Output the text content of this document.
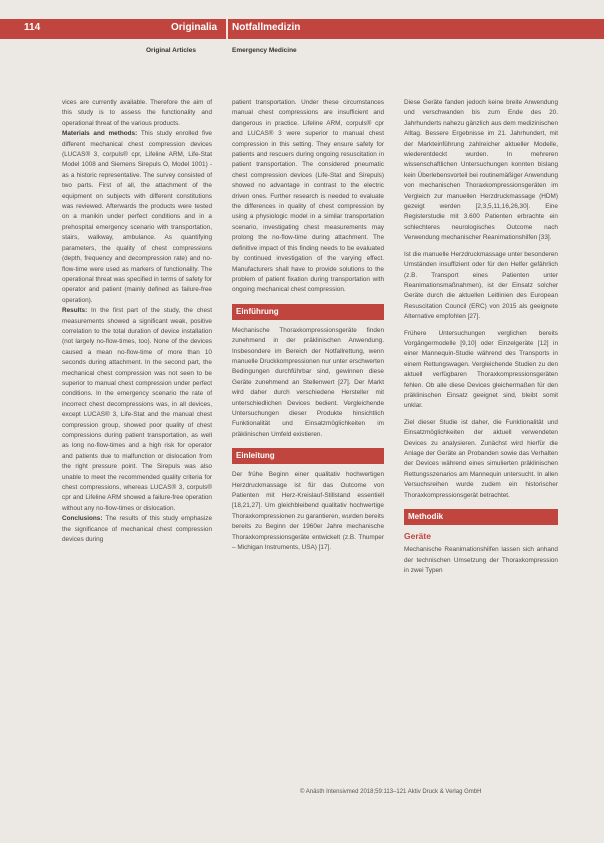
114	Originalia Notfallmedizin
Original Articles	Emergency Medicine

vices are currently available. Therefore the aim of this study is to assess the functionality and operational threat of the various products.

Materials and methods: This study enrolled five different mechanical chest compression devices (LUCAS® 3, corpuls® cpr, Lifeline ARM, Life-Stat Model 1008 and Siemens Sirepuls O, Model 1001) - as a historic representative. The survey consisted of two parts. First of all, the attachment of the equipment on subjects with different constitutions was reviewed. Afterwards the products were tested on a manikin under perfect conditions and in a prehospital emergency scenario with transportation, stairs, walkway, ambulance. As quantifying parameters, the quality of chest compressions (depth, frequency and decompression rate) and no-flow-time were used as markers of functionality. The operational threat was specified in terms of safety for operator and patient (mainly defined as failure-free operation).

Results: In the first part of the study, the chest measurements showed a significant weak, positive correlation to the total duration of device installation (not largely no-flow-times, too). None of the devices caused a mean no-flow-time of more than 10 seconds during attachment. In the second part, the mechanical chest compression was not seen to be superior to manual chest compression under perfect conditions. In the emergency scenario the rate of incorrect chest decompressions was, in all devices, except LUCAS® 3, Life-Stat and the manual chest compression group, showed poor quality of chest compressions during patient transportation, as well as long no-flow-times and a high risk for operator and patients due to malfunction or dislocation from the right pressure point. The Sirepuls was also unable to meet the recommended quality criteria for chest compressions, whereas LUCAS® 3, corpuls® cpr and Lifeline ARM showed a failure-free operation without any no-flow-times or dislocation.

Conclusions: The results of this study emphasize the significance of mechanical chest compression devices during

patient transportation. Under these circumstances manual chest compressions are insufficient and dangerous in practice. Lifeline ARM, corpuls® cpr and LUCAS® 3 were superior to manual chest compression in this setting. They ensure safety for patients and rescuers during ongoing resuscitation in patient transportation. The considered pneumatic chest compression devices (Life-Stat and Sirepuls) showed no advantage in contrast to the electric driven ones. Further research is needed to evaluate the differences in quality of chest compression by using a physiologic model in a similar transportation scenario, investigating chest measurements may prolong the no-flow-time during attachment. The definitive impact of this finding needs to be evaluated by continued investigation of the varying effect. Manufacturers shall have to provide solutions to the problem of patient fixation during transportation with ongoing mechanical chest compression.

Einführung

Mechanische Thoraxkompressionsgeräte finden zunehmend in der präklinischen Anwendung. Insbesondere im Bereich der Notfallrettung, wenn manuelle Druckkompressionen nur unter erschwerten Bedingungen durchführbar sind, gewinnen diese Geräte zunehmend an Stellenwert [27]. Der Markt wird daher durch verschiedene Hersteller mit unterschiedlichen Devices bedient. Vergleichende Untersuchungen dieser Produkte hinsichtlich Funktionalität und Einsatzmöglichkeiten im präklinischen Umfeld existieren.

Einleitung

Der frühe Beginn einer qualitativ hochwertigen Herzdruckmassage ist für das Outcome von Patienten mit Herz-Kreislauf-Stillstand essentiell [18,21,27]. Um gleichbleibend qualitativ hochwertige Thoraxkompressionen zu garantieren, wurden bereits bereits zu Beginn der 1960er Jahre mechanische Thoraxkompressionsgeräte entwickelt (z.B. Thumper – Michigan Instruments, USA) [17].

Diese Geräte fanden jedoch keine breite Anwendung und verschwanden bis zum Ende des 20. Jahrhunderts nahezu gänzlich aus dem medizinischen Alltag. Bessere Ergebnisse im 21. Jahrhundert, mit der Markteinführung zahlreicher aktueller Modelle, wiederentdeckt wurden. In mehreren wissenschaftlichen Untersuchungen konnten bislang kein Überlebensvorteil bei routinemäßiger Anwendung von mechanischen Thoraxkompressionsgeräten im Vergleich zur manuellen Herzdruckmassage (HDM) gezeigt werden [2,3,5,11,16,26,30]. Eine Registerstudie mit 3.600 Patienten erbrachte ein schlechteres neurologisches Outcome nach Verwendung mechanischer Reanimationshilfen [33].

Ist die manuelle Herzdruckmassage unter besonderen Umständen insuffizient oder für den Helfer gefährlich (z.B. Transport eines Patienten unter Reanimationsmaßnahmen), ist der Einsatz solcher Geräte durch die aktuellen Leitlinien des European Resuscitation Council (ERC) von 2015 als geeignete Alternative empfohlen [27].

Frühere Untersuchungen verglichen bereits Vorgängermodelle [9,10] oder Einzelgeräte [12] in einer Mannequin-Studie während des Transports in einem Rettungswagen. Vergleichende Studien zu den aktuell verfügbaren Thoraxkompressionsgeräten fehlen. Ob alle diese Devices gleichermaßen für den präklinischen Einsatz geeignet sind, bleibt somit unklar.

Ziel dieser Studie ist daher, die Funktionalität und Einsatzmöglichkeiten der aktuell verwendeten Devices zu analysieren. Zunächst wird hierfür die Anlage der Geräte an Probanden sowie das Verhalten der Devices während eines simulierten präklinischen Rettungsszenarios am Mannequin untersucht. In allen Versuchsreihen wurde zudem ein historischer Thoraxkompressionsgerät betrachtet.

Methodik
Geräte

Mechanische Reanimationshilfen lassen sich anhand der technischen Umsetzung der Thoraxkompression in zwei Typen

© Anästh Intensivmed 2018;59:113–121 Aktiv Druck & Verlag GmbH
